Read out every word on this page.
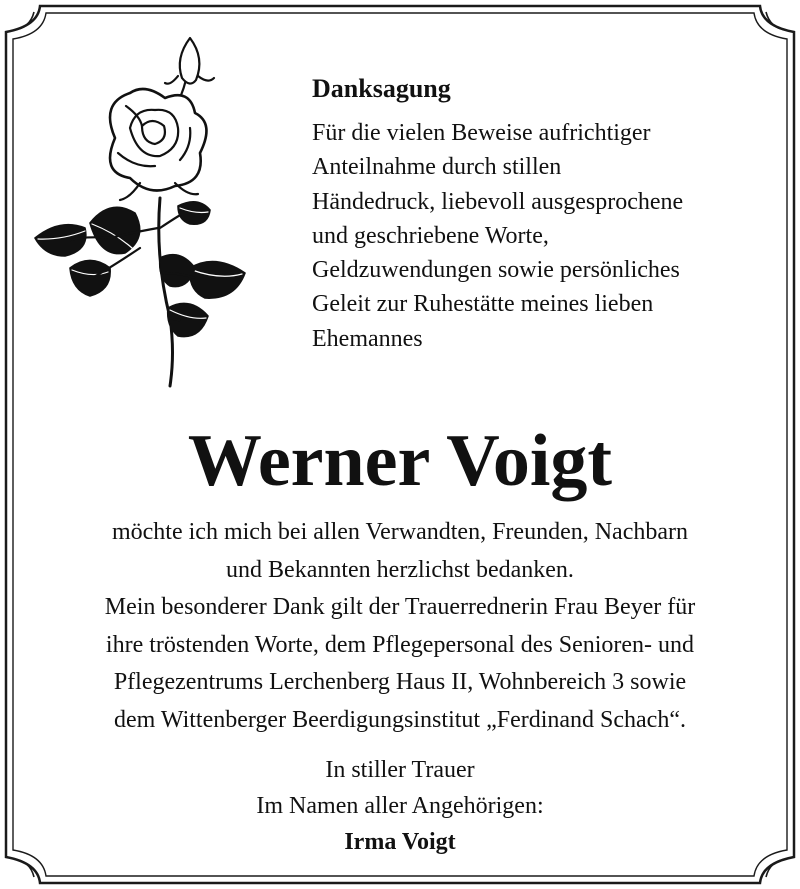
Danksagung

Für die vielen Beweise aufrichtiger
Anteilnahme durch stillen
Händedruck, liebevoll ausgesprochene
und geschriebene Worte,
Geldzuwendungen sowie persönliches
Geleit zur Ruhestätte meines lieben
Ehemannes

Werner Voigt
möchte ich mich bei allen Verwandten, Freunden, Nachbarn
und Bekannten herzlichst bedanken.
Mein besonderer Dank gilt der Trauerrednerin Frau Beyer für
ihre tröstenden Worte, dem Pflegepersonal des Senioren- und
Pflegezentrums Lerchenberg Haus II, Wohnbereich 3 sowie
dem Wittenberger Beerdigungsinstitut „Ferdinand Schach“.
In stiller Trauer
Im Namen aller Angehörigen:
Irma Voigt
